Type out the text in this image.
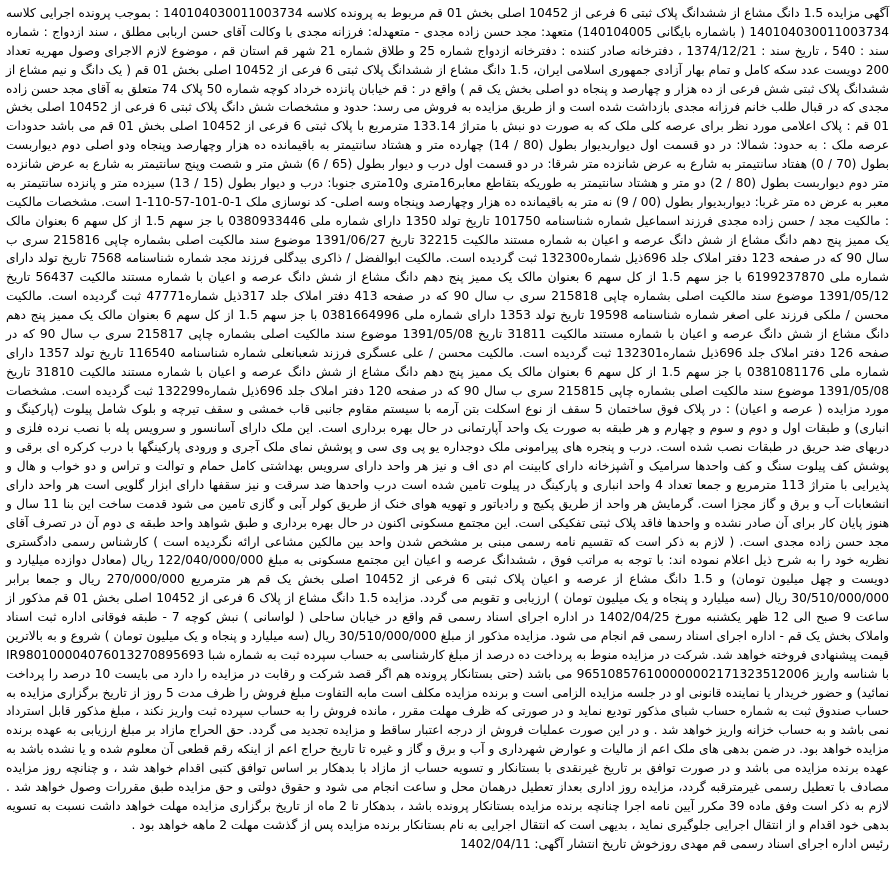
آگهی مزایده 1.5 دانگ مشاع از ششدانگ پلاک ثبتی 6 فرعی از 10452 اصلی بخش 01 قم مربوط به پرونده کلاسه 140104030011003734 : بموجب پرونده اجرایی کلاسه 140104030011003734 ( باشماره بایگانی 140104005) متعهد: مجد حسن زاده مجدی - متعهدله: فرزانه مجدی با وکالت آقای حسن اربابی مطلق ، سند ازدواج : شماره سند : 540 ، تاریخ سند : 1374/12/21 ، دفترخانه صادر کننده : دفترخانه ازدواج شماره 25 و طلاق شماره 21 شهر قم استان قم ، موضوع لازم الاجرای وصول مهریه تعداد 200 دویست عدد سکه کامل و تمام بهار آزادی جمهوری اسلامی ایران، 1.5 دانگ مشاع از ششدانگ پلاک ثبتی 6 فرعی از 10452 اصلی بخش 01 قم ( یک دانگ و نیم مشاع از ششدانگ پلاک ثبتی شش فرعی از ده هزار و چهارصد و پنجاه دو اصلی بخش یک قم ) واقع در : قم خیابان پانزده خرداد کوچه شماره 50 پلاک 74 متعلق به آقای مجد حسن زاده مجدی که در قبال طلب خانم فرزانه مجدی بازداشت شده است و از طریق مزایده به فروش می رسد: حدود و مشخصات شش دانگ پلاک ثبتی 6 فرعی از 10452 اصلی بخش 01 قم : پلاک اعلامی مورد نظر برای عرصه کلی ملک که به صورت دو نبش با متراژ 133.14 مترمربع با پلاک ثبتی 6 فرعی از 10452 اصلی بخش 01 قم می باشد حدودات عرصه ملک : به حدود: شمالا: در دو قسمت اول دیواربدیوار بطول (80 / 14) چهارده متر و هشتاد سانتیمتر به باقیمانده ده هزار وچهارصد وپنجاه ودو اصلی دوم دیواربست بطول (70 / 0) هفتاد سانتیمتر به شارع به عرض شانزده متر شرقا: در دو قسمت اول درب و دیوار بطول (65 / 6) شش متر و شصت وپنج سانتیمتر به شارع به عرض شانزده متر دوم دیواربست بطول (80 / 2) دو متر و هشتاد سانتیمتر به طوریکه بتقاطع معابر16متری و10متری جنوبا: درب و دیوار بطول (15 / 13) سیزده متر و پانزده سانتیمتر به معبر به عرض ده متر غربا: دیواربدیوار بطول (00 / 9) نه متر به باقیمانده ده هزار وچهارصد وپنجاه وسه اصلی- کد نوسازی ملک 1-0-101-57-110-1 است. مشخصات مالکیت : مالکیت مجد / حسن زاده مجدی فرزند اسماعیل شماره شناسنامه 101750 تاریخ تولد 1350 دارای شماره ملی 0380933446 با جز سهم 1.5 از کل سهم 6 بعنوان مالک یک ممیز پنج دهم دانگ مشاع از شش دانگ عرصه و اعیان به شماره مستند مالکیت 32215 تاریخ 1391/06/27 موضوع سند مالکیت اصلی بشماره چاپی 215816 سری ب سال 90 که در صفحه 123 دفتر املاک جلد 696ذیل شماره132300 ثبت گردیده است. مالکیت ابوالفضل / ذاکری بیدگلی فرزند مجد شماره شناسنامه 7568 تاریخ تولد دارای شماره ملی 6199237870 با جز سهم 1.5 از کل سهم 6 بعنوان مالک یک ممیز پنج دهم دانگ مشاع از شش دانگ عرصه و اعیان با شماره مستند مالکیت 56437 تاریخ 1391/05/12 موضوع سند مالکیت اصلی بشماره چاپی 215818 سری ب سال 90 که در صفحه 413 دفتر املاک جلد 317ذیل شماره47771 ثبت گردیده است. مالکیت محسن / ملکی فرزند علی اصغر شماره شناسنامه 19598 تاریخ تولد 1353 دارای شماره ملی 0381664996 با جز سهم 1.5 از کل سهم 6 بعنوان مالک یک ممیز پنج دهم دانگ مشاع از شش دانگ عرصه و اعیان با شماره مستند مالکیت 31811 تاریخ 1391/05/08 موضوع سند مالکیت اصلی بشماره چاپی 215817 سری ب سال 90 که در صفحه 126 دفتر املاک جلد 696ذیل شماره132301 ثبت گردیده است. مالکیت محسن / علی عسگری فرزند شعبانعلی شماره شناسنامه 116540 تاریخ تولد 1357 دارای شماره ملی 0381081176 با جز سهم 1.5 از کل سهم 6 بعنوان مالک یک ممیز پنج دهم دانگ مشاع از شش دانگ عرصه و اعیان با شماره مستند مالکیت 31810 تاریخ 1391/05/08 موضوع سند مالکیت اصلی بشماره چاپی 215815 سری ب سال 90 که در صفحه 120 دفتر املاک جلد 696ذیل شماره132299 ثبت گردیده است. مشخصات مورد مزایده ( عرصه و اعیان) : در پلاک فوق ساختمان 5 سقف از نوع اسکلت بتن آرمه با سیستم مقاوم جانبی قاب خمشی و سقف تیرچه و بلوک شامل پیلوت (پارکینگ و انباری) و طبقات اول و دوم و سوم و چهارم و هر طبقه به صورت یک واحد آپارتمانی در حال بهره برداری است. این ملک دارای آسانسور و سرویس پله با نصب نرده فلزی و دربهای ضد حریق در طبقات نصب شده است. درب و پنجره های پیرامونی ملک دوجداره یو پی وی سی و پوشش نمای ملک آجری و ورودی پارکینگها با درب کرکره ای برقی و پوشش کف پیلوت سنگ و کف واحدها سرامیک و آشپزخانه دارای کابینت ام دی اف و نیز هر واحد دارای سرویس بهداشتی کامل حمام و توالت و تراس و دو خواب و هال و پذیرایی با متراژ 113 مترمربع و جمعا تعداد 4 واحد انباری و پارکینگ در پیلوت تامین شده است درب واحدها ضد سرقت و نیز سقفها دارای ابزار گلویی است هر واحد دارای انشعابات آب و برق و گاز مجزا است. گرمایش هر واحد از طریق پکیج و رادیاتور و تهویه هوای خنک از طریق کولر آبی و گازی تامین می شود قدمت ساخت این بنا 11 سال و هنوز پایان کار برای آن صادر نشده و واحدها فاقد پلاک ثبتی تفکیکی است. این مجتمع مسکونی اکنون در حال بهره برداری و طبق شواهد واحد طبقه ی دوم آن در تصرف آقای مجد حسن زاده مجدی است. ( لازم به ذکر است که تقسیم نامه رسمی مبنی بر مشخص شدن واحد بین مالکین مشاعی ارائه نگردیده است ) کارشناس رسمی دادگستری نظریه خود را به شرح ذیل اعلام نموده اند: با توجه به مراتب فوق ، ششدانگ عرصه و اعیان این مجتمع مسکونی به مبلغ 122/040/000/000 ریال (معادل دوازده میلیارد و دویست و چهل میلیون تومان) و 1.5 دانگ مشاع از عرصه و اعیان پلاک ثبتی 6 فرعی از 10452 اصلی بخش یک قم هر مترمربع 270/000/000 ریال و جمعا برابر 30/510/000/000 ریال (سه میلیارد و پنجاه و یک میلیون تومان ) ارزیابی و تقویم می گردد. مزایده 1.5 دانگ مشاع از پلاک 6 فرعی از 10452 اصلی بخش 01 قم مذکور از ساعت 9 صبح الی 12 ظهر یکشنبه مورخ 1402/04/25 در اداره اجرای اسناد رسمی قم واقع در خیابان ساحلی ( لواسانی ) نبش کوچه 7 - طبقه فوقانی اداره ثبت اسناد واملاک بخش یک قم - اداره اجرای اسناد رسمی قم انجام می شود. مزایده مذکور از مبلغ 30/510/000/000 ریال (سه میلیارد و پنجاه و یک میلیون تومان ) شروع و به بالاترین قیمت پیشنهادی فروخته خواهد شد. شرکت در مزایده منوط به پرداخت ده درصد از مبلغ کارشناسی به حساب سپرده ثبت به شماره شبا IR980100004076013270895693 با شناسه واریز 965108576100000002171323512006 می باشد (حتی بستانکار پرونده هم اگر قصد شرکت و رقابت در مزایده را دارد می بایست 10 درصد را پرداخت نمائید) و حضور خریدار یا نماینده قانونی او در جلسه مزایده الزامی است و برنده مزایده مکلف است مابه التفاوت مبلغ فروش را ظرف مدت 5 روز از تاریخ برگزاری مزایده به حساب صندوق ثبت به شماره حساب شبای مذکور تودیع نماید و در صورتی که ظرف مهلت مقرر ، مانده فروش را به حساب سپرده ثبت واریز نکند ، مبلغ مذکور قابل استرداد نمی باشد و به حساب خزانه واریز خواهد شد . و در این صورت عملیات فروش از درجه اعتبار ساقط و مزایده تجدید می گردد. حق الحراج مازاد بر مبلغ ارزیابی به عهده برنده مزایده خواهد بود. در ضمن بدهی های ملک اعم از مالیات و عوارض شهرداری و آب و برق و گاز و غیره تا تاریخ حراج اعم از اینکه رقم قطعی آن معلوم شده و یا نشده باشد به عهده برنده مزایده می باشد و در صورت توافق بر تاریخ غیرنقدی با بستانکار و تسویه حساب از مازاد با بدهکار بر اساس توافق کتبی اقدام خواهد شد ، و چنانچه روز مزایده مصادف با تعطیل رسمی غیرمترقبه گردد، مزایده روز اداری بعداز تعطیل درهمان محل و ساعت انجام می شود و حقوق دولتی و حق مزایده طبق مقررات وصول خواهد شد . لازم به ذکر است وفق ماده 39 مکرر آیین نامه اجرا چنانچه برنده مزایده بستانکار پرونده باشد ، بدهکار تا 2 ماه از تاریخ برگزاری مزایده مهلت خواهد داشت نسبت به تسویه بدهی خود اقدام و از انتقال اجرایی جلوگیری نماید ، بدیهی است که انتقال اجرایی به نام بستانکار برنده مزایده پس از گذشت مهلت 2 ماهه خواهد بود .

رئیس اداره اجرای اسناد رسمی قم مهدی روزخوش تاریخ انتشار آگهی: 1402/04/11
